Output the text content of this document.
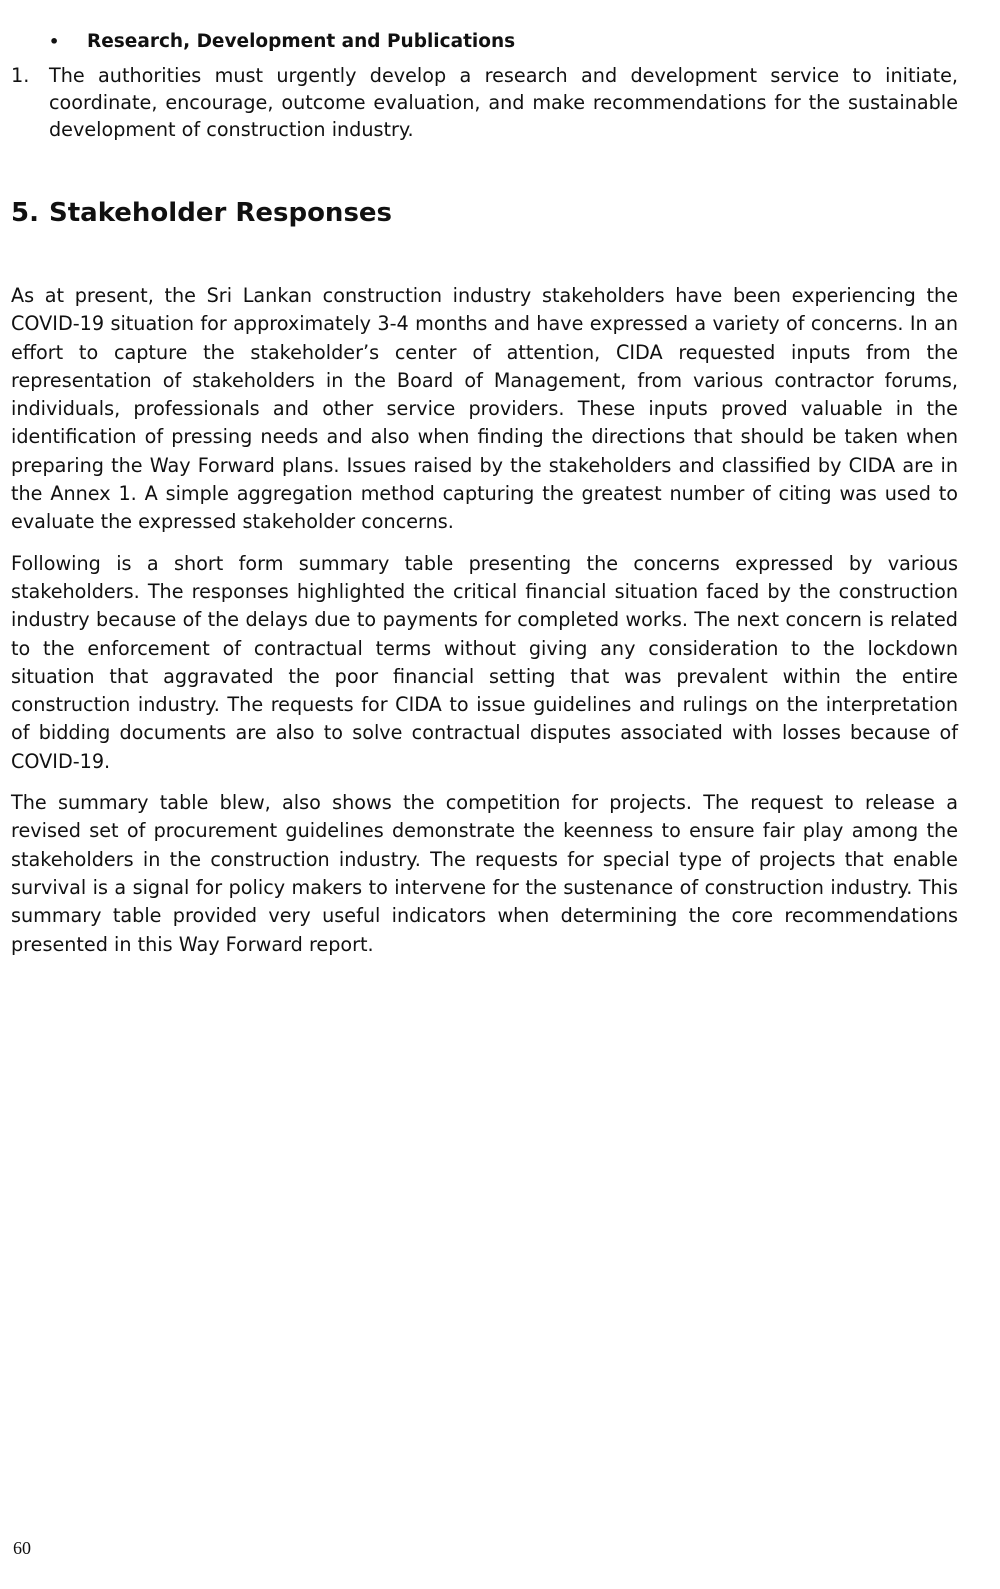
•	Research, Development and Publications
1.	The authorities must urgently develop a research and development service to initiate, coordinate, encourage, outcome evaluation, and make recommendations for the sustainable development of construction industry.
5. Stakeholder Responses

As at present, the Sri Lankan construction industry stakeholders have been experiencing the COVID-19 situation for approximately 3-4 months and have expressed a variety of concerns. In an effort to capture the stakeholder’s center of attention, CIDA requested inputs from the representation of stakeholders in the Board of Management, from various contractor forums, individuals, professionals and other service providers. These inputs proved valuable in the identification of pressing needs and also when finding the directions that should be taken when preparing the Way Forward plans. Issues raised by the stakeholders and classified by CIDA are in the Annex 1. A simple aggregation method capturing the greatest number of citing was used to evaluate the expressed stakeholder concerns.

Following is a short form summary table presenting the concerns expressed by various stakeholders. The responses highlighted the critical financial situation faced by the construction industry because of the delays due to payments for completed works. The next concern is related to the enforcement of contractual terms without giving any consideration to the lockdown situation that aggravated the poor financial setting that was prevalent within the entire construction industry. The requests for CIDA to issue guidelines and rulings on the interpretation of bidding documents are also to solve contractual disputes associated with losses because of COVID-19.

The summary table blew, also shows the competition for projects. The request to release a revised set of procurement guidelines demonstrate the keenness to ensure fair play among the stakeholders in the construction industry. The requests for special type of projects that enable survival is a signal for policy makers to intervene for the sustenance of construction industry. This summary table provided very useful indicators when determining the core recommendations presented in this Way Forward report.

60
